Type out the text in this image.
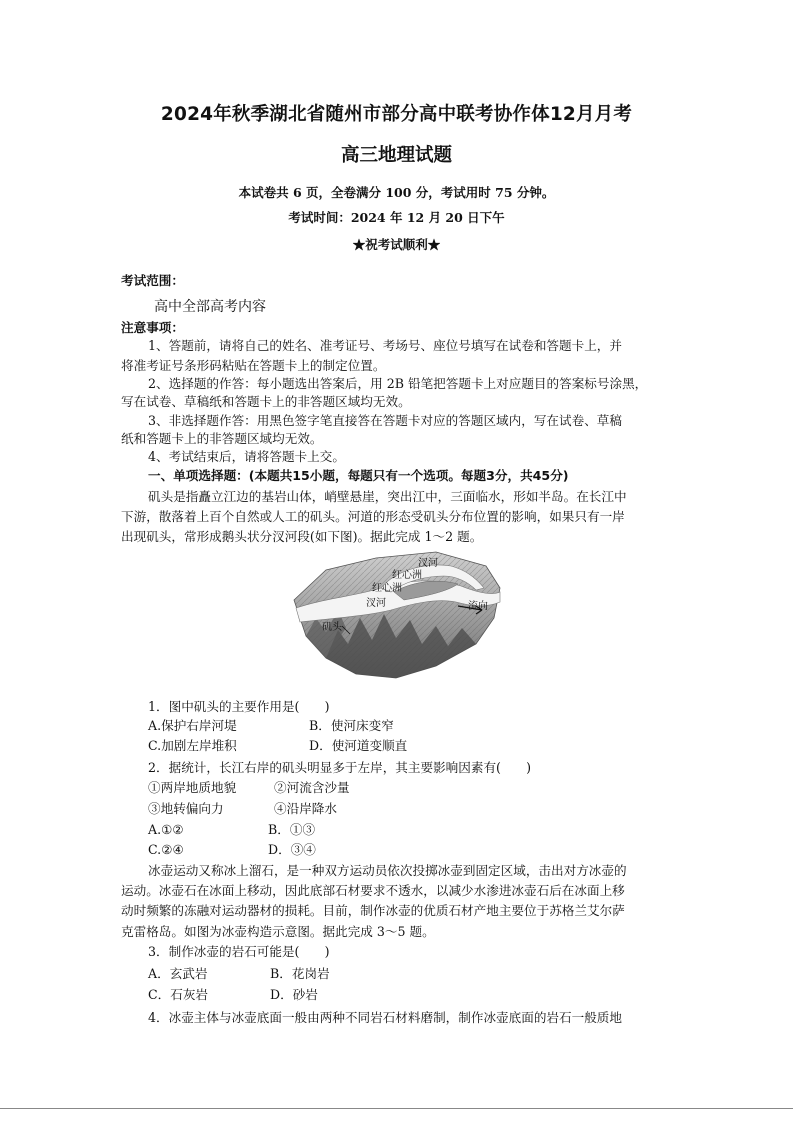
2024年秋季湖北省随州市部分高中联考协作体12月月考
高三地理试题
本试卷共 6 页，全卷满分 100 分，考试用时 75 分钟。
考试时间：2024 年 12 月 20 日下午
★祝考试顺利★
考试范围：
高中全部高考内容
注意事项：
1、答题前，请将自己的姓名、准考证号、考场号、座位号填写在试卷和答题卡上，并
将准考证号条形码粘贴在答题卡上的制定位置。
2、选择题的作答：每小题选出答案后，用 2B 铅笔把答题卡上对应题目的答案标号涂黑，
写在试卷、草稿纸和答题卡上的非答题区域均无效。
3、非选择题作答：用黑色签字笔直接答在答题卡对应的答题区域内，写在试卷、草稿
纸和答题卡上的非答题区域均无效。
4、考试结束后，请将答题卡上交。
一、单项选择题：(本题共15小题，每题只有一个选项。每题3分，共45分)
矶头是指矗立江边的基岩山体，峭壁悬崖，突出江中，三面临水，形如半岛。在长江中
下游，散落着上百个自然或人工的矶头。河道的形态受矶头分布位置的影响，如果只有一岸
出现矶头，常形成鹅头状分汊河段(如下图)。据此完成 1～2 题。
汊河
红心洲
红心洲
汊河	流向
矶头
1．图中矶头的主要作用是(　　)
A.保护右岸河堤	B．使河床变窄
C.加剧左岸堆积	D．使河道变顺直
2．据统计，长江右岸的矶头明显多于左岸，其主要影响因素有(　　)
①两岸地质地貌	②河流含沙量
③地转偏向力	④沿岸降水
A.①②	B．①③
C.②④	D．③④
冰壶运动又称冰上溜石，是一种双方运动员依次投掷冰壶到固定区域，击出对方冰壶的
运动。冰壶石在冰面上移动，因此底部石材要求不透水，以减少水渗进冰壶石后在冰面上移
动时频繁的冻融对运动器材的损耗。目前，制作冰壶的优质石材产地主要位于苏格兰艾尔萨
克雷格岛。如图为冰壶构造示意图。据此完成 3～5 题。
3．制作冰壶的岩石可能是(　　)
A．玄武岩	B．花岗岩
C．石灰岩	D．砂岩
4．冰壶主体与冰壶底面一般由两种不同岩石材料磨制，制作冰壶底面的岩石一般质地
